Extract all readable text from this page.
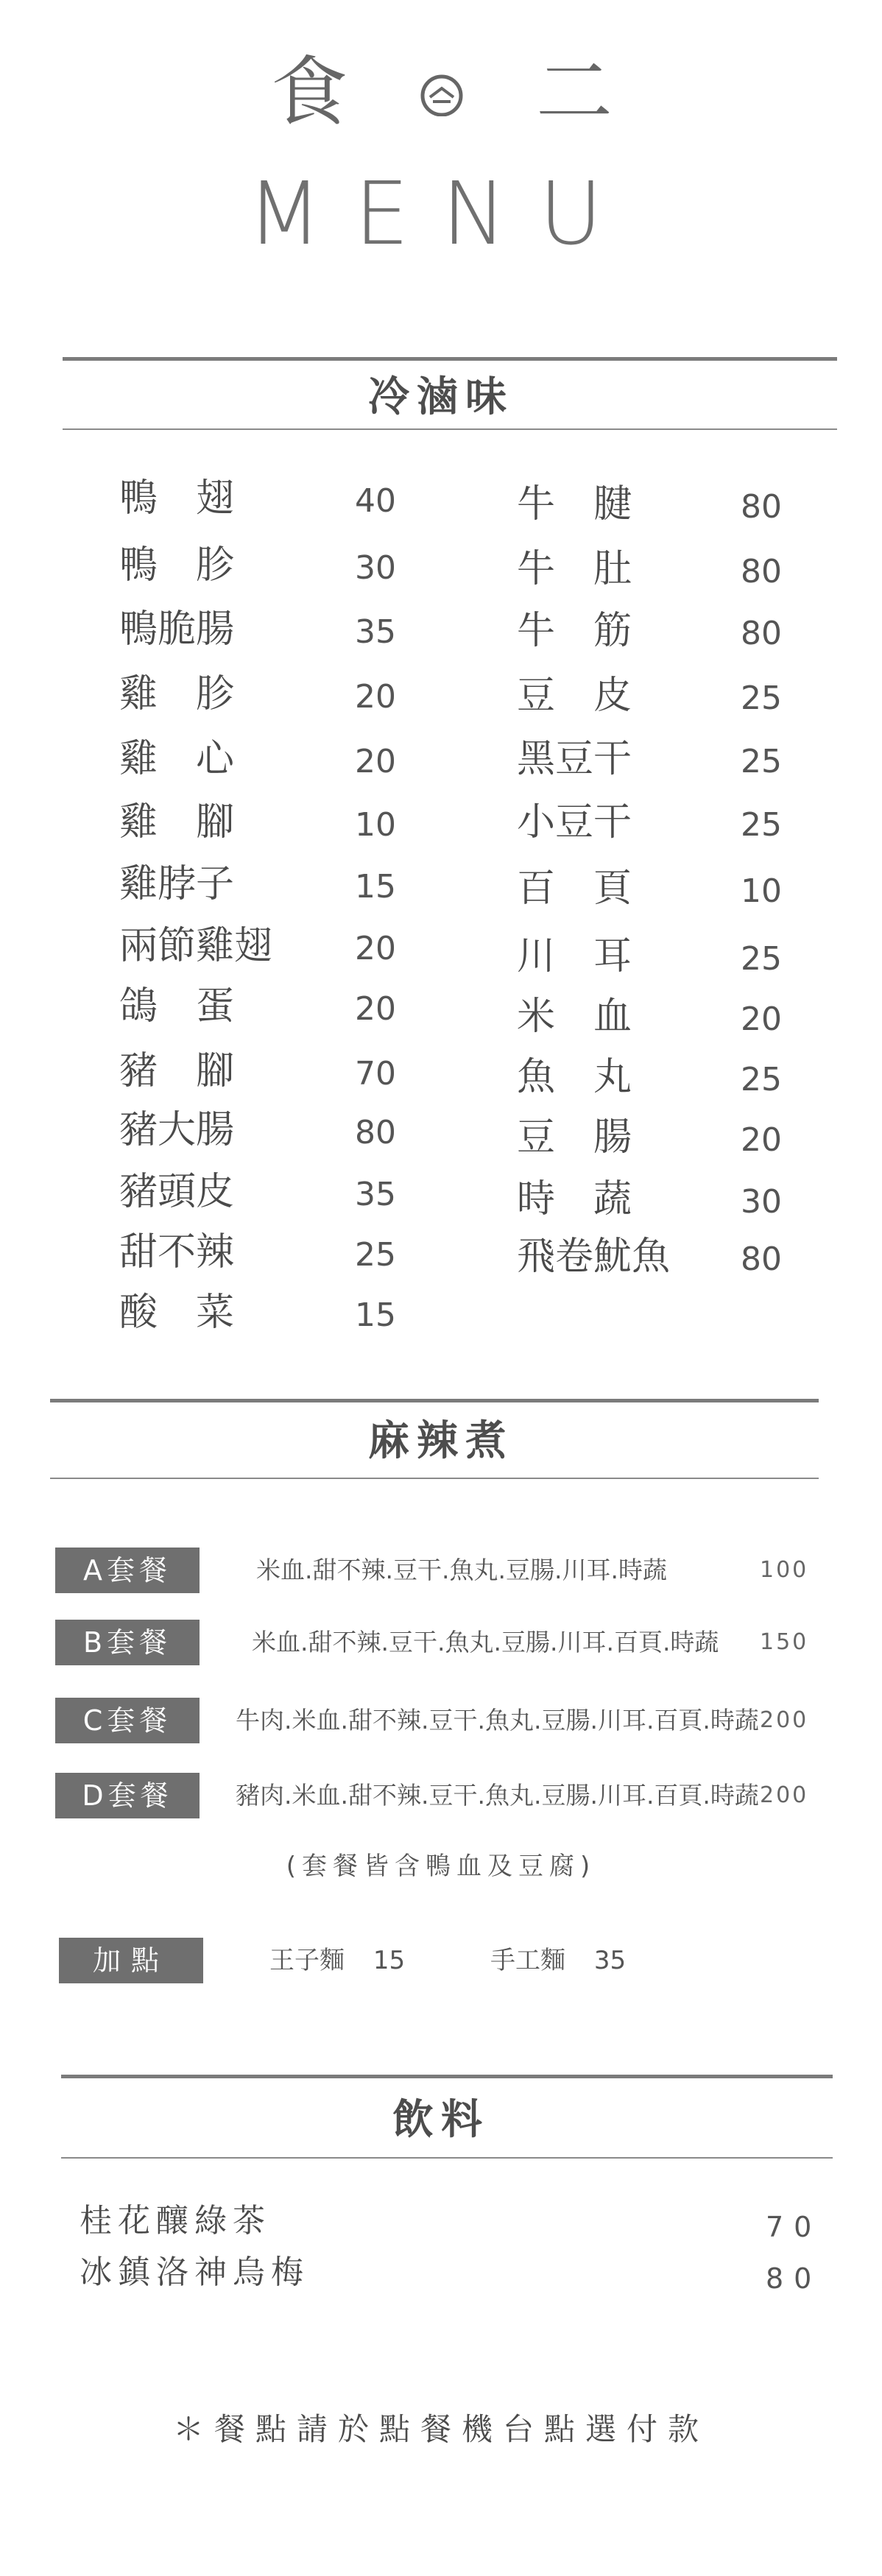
食 二
MENU
冷滷味
鴨　翅	40
鴨　胗	30
鴨脆腸	35
雞　胗	20
雞　心	20
雞　腳	10
雞脖子	15
兩節雞翅	20
鴿　蛋	20
豬　腳	70
豬大腸	80
豬頭皮	35
甜不辣	25
酸　菜	15
牛　腱	80
牛　肚	80
牛　筋	80
豆　皮	25
黑豆干	25
小豆干	25
百　頁	10
川　耳	25
米　血	20
魚　丸	25
豆　腸	20
時　蔬	30
飛卷魷魚 80
麻辣煮
A套餐	米血.甜不辣.豆干.魚丸.豆腸.川耳.時蔬	100
B套餐	米血.甜不辣.豆干.魚丸.豆腸.川耳.百頁.時蔬 150
C套餐	牛肉.米血.甜不辣.豆干.魚丸.豆腸.川耳.百頁.時蔬 200
D套餐	豬肉.米血.甜不辣.豆干.魚丸.豆腸.川耳.百頁.時蔬 200
(套餐皆含鴨血及豆腐)
加點	王子麵 15	手工麵 35
飲料
桂花釀綠茶	70
冰鎮洛神烏梅	80
＊餐點請於點餐機台點選付款
